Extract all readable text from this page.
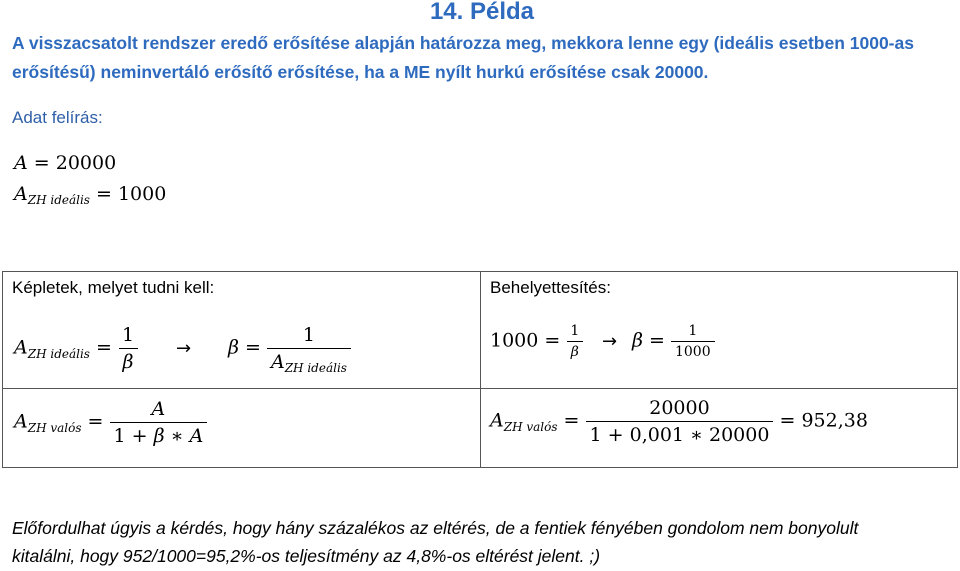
14. Példa
A visszacsatolt rendszer eredő erősítése alapján határozza meg, mekkora lenne egy (ideális esetben 1000-as
erősítésű) neminvertáló erősítő erősítése, ha a ME nyílt hurkú erősítése csak 20000.
Adat felírás:
A = 20000
$A_{ZH ideális} = 1000$
Képletek, melyet tudni kell:
$A_{ZH ideális} = \frac{1}{\beta} \to \beta = \frac{1}{A_{ZH ideális}}$
$A_{ZH valós} = \frac{A}{1 + \beta ∗ A}$
Behelyettesítés:
$1000 = \frac{1}{\beta} \to \beta = \frac{1}{1000}$
$A_{ZH valós} = \frac{20000}{1 + 0,001 ∗ 20000} = 952,38$
Előfordulhat úgyis a kérdés, hogy hány százalékos az eltérés, de a fentiek fényében gondolom nem bonyolult
kitalálni, hogy 952/1000=95,2%-os teljesítmény az 4,8%-os eltérést jelent. ;)
